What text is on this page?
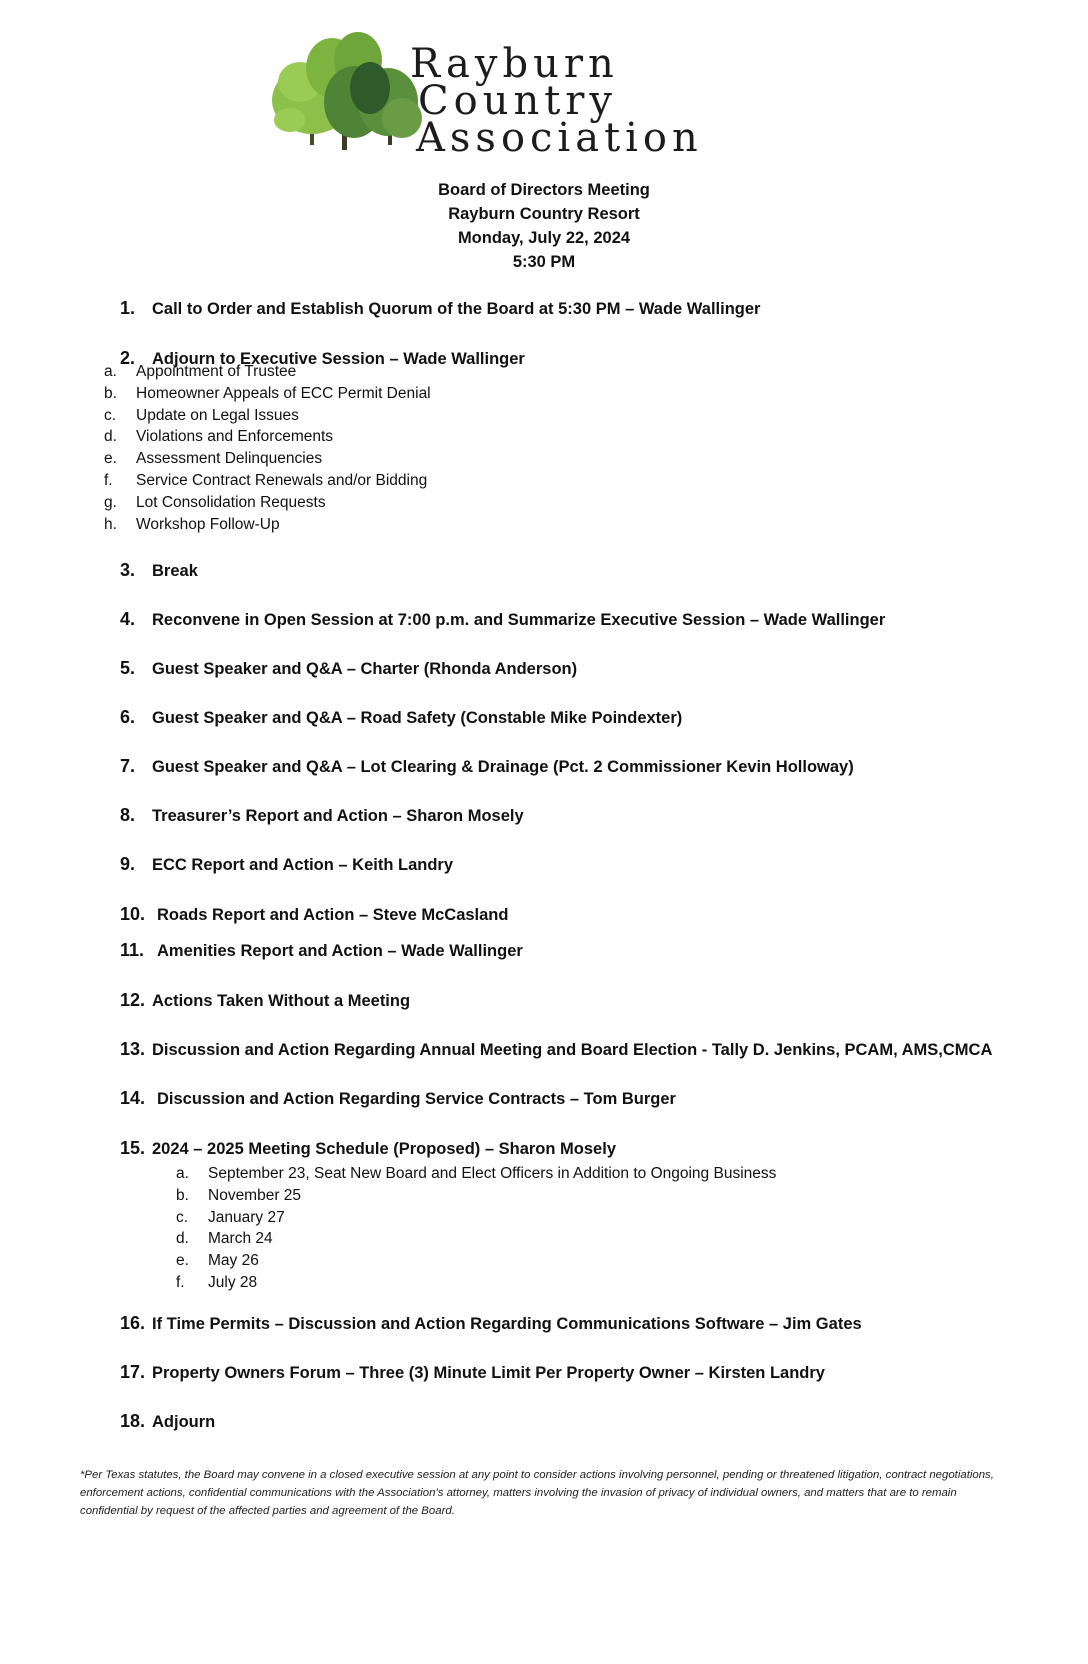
Rayburn
Country
Association
Board of Directors Meeting
Rayburn Country Resort
Monday, July 22, 2024
5:30 PM
1. Call to Order and Establish Quorum of the Board at 5:30 PM – Wade Wallinger
2. Adjourn to Executive Session – Wade Wallinger
a. Appointment of Trustee
b. Homeowner Appeals of ECC Permit Denial
c. Update on Legal Issues
d. Violations and Enforcements
e. Assessment Delinquencies
f. Service Contract Renewals and/or Bidding
g. Lot Consolidation Requests
h. Workshop Follow-Up
3. Break
4. Reconvene in Open Session at 7:00 p.m. and Summarize Executive Session – Wade Wallinger
5. Guest Speaker and Q&A – Charter (Rhonda Anderson)
6. Guest Speaker and Q&A – Road Safety (Constable Mike Poindexter)
7. Guest Speaker and Q&A – Lot Clearing & Drainage (Pct. 2 Commissioner Kevin Holloway)
8. Treasurer’s Report and Action – Sharon Mosely
9. ECC Report and Action – Keith Landry
10. Roads Report and Action – Steve McCasland
11. Amenities Report and Action – Wade Wallinger
12. Actions Taken Without a Meeting
13. Discussion and Action Regarding Annual Meeting and Board Election - Tally D. Jenkins, PCAM, AMS,CMCA
14. Discussion and Action Regarding Service Contracts – Tom Burger
15. 2024 – 2025 Meeting Schedule (Proposed) – Sharon Mosely
a. September 23, Seat New Board and Elect Officers in Addition to Ongoing Business
b. November 25
c. January 27
d. March 24
e. May 26
f. July 28
16. If Time Permits – Discussion and Action Regarding Communications Software – Jim Gates
17. Property Owners Forum – Three (3) Minute Limit Per Property Owner – Kirsten Landry
18. Adjourn
*Per Texas statutes, the Board may convene in a closed executive session at any point to consider actions involving personnel, pending or threatened litigation, contract negotiations, enforcement actions, confidential communications with the Association’s attorney, matters involving the invasion of privacy of individual owners, and matters that are to remain confidential by request of the affected parties and agreement of the Board.
